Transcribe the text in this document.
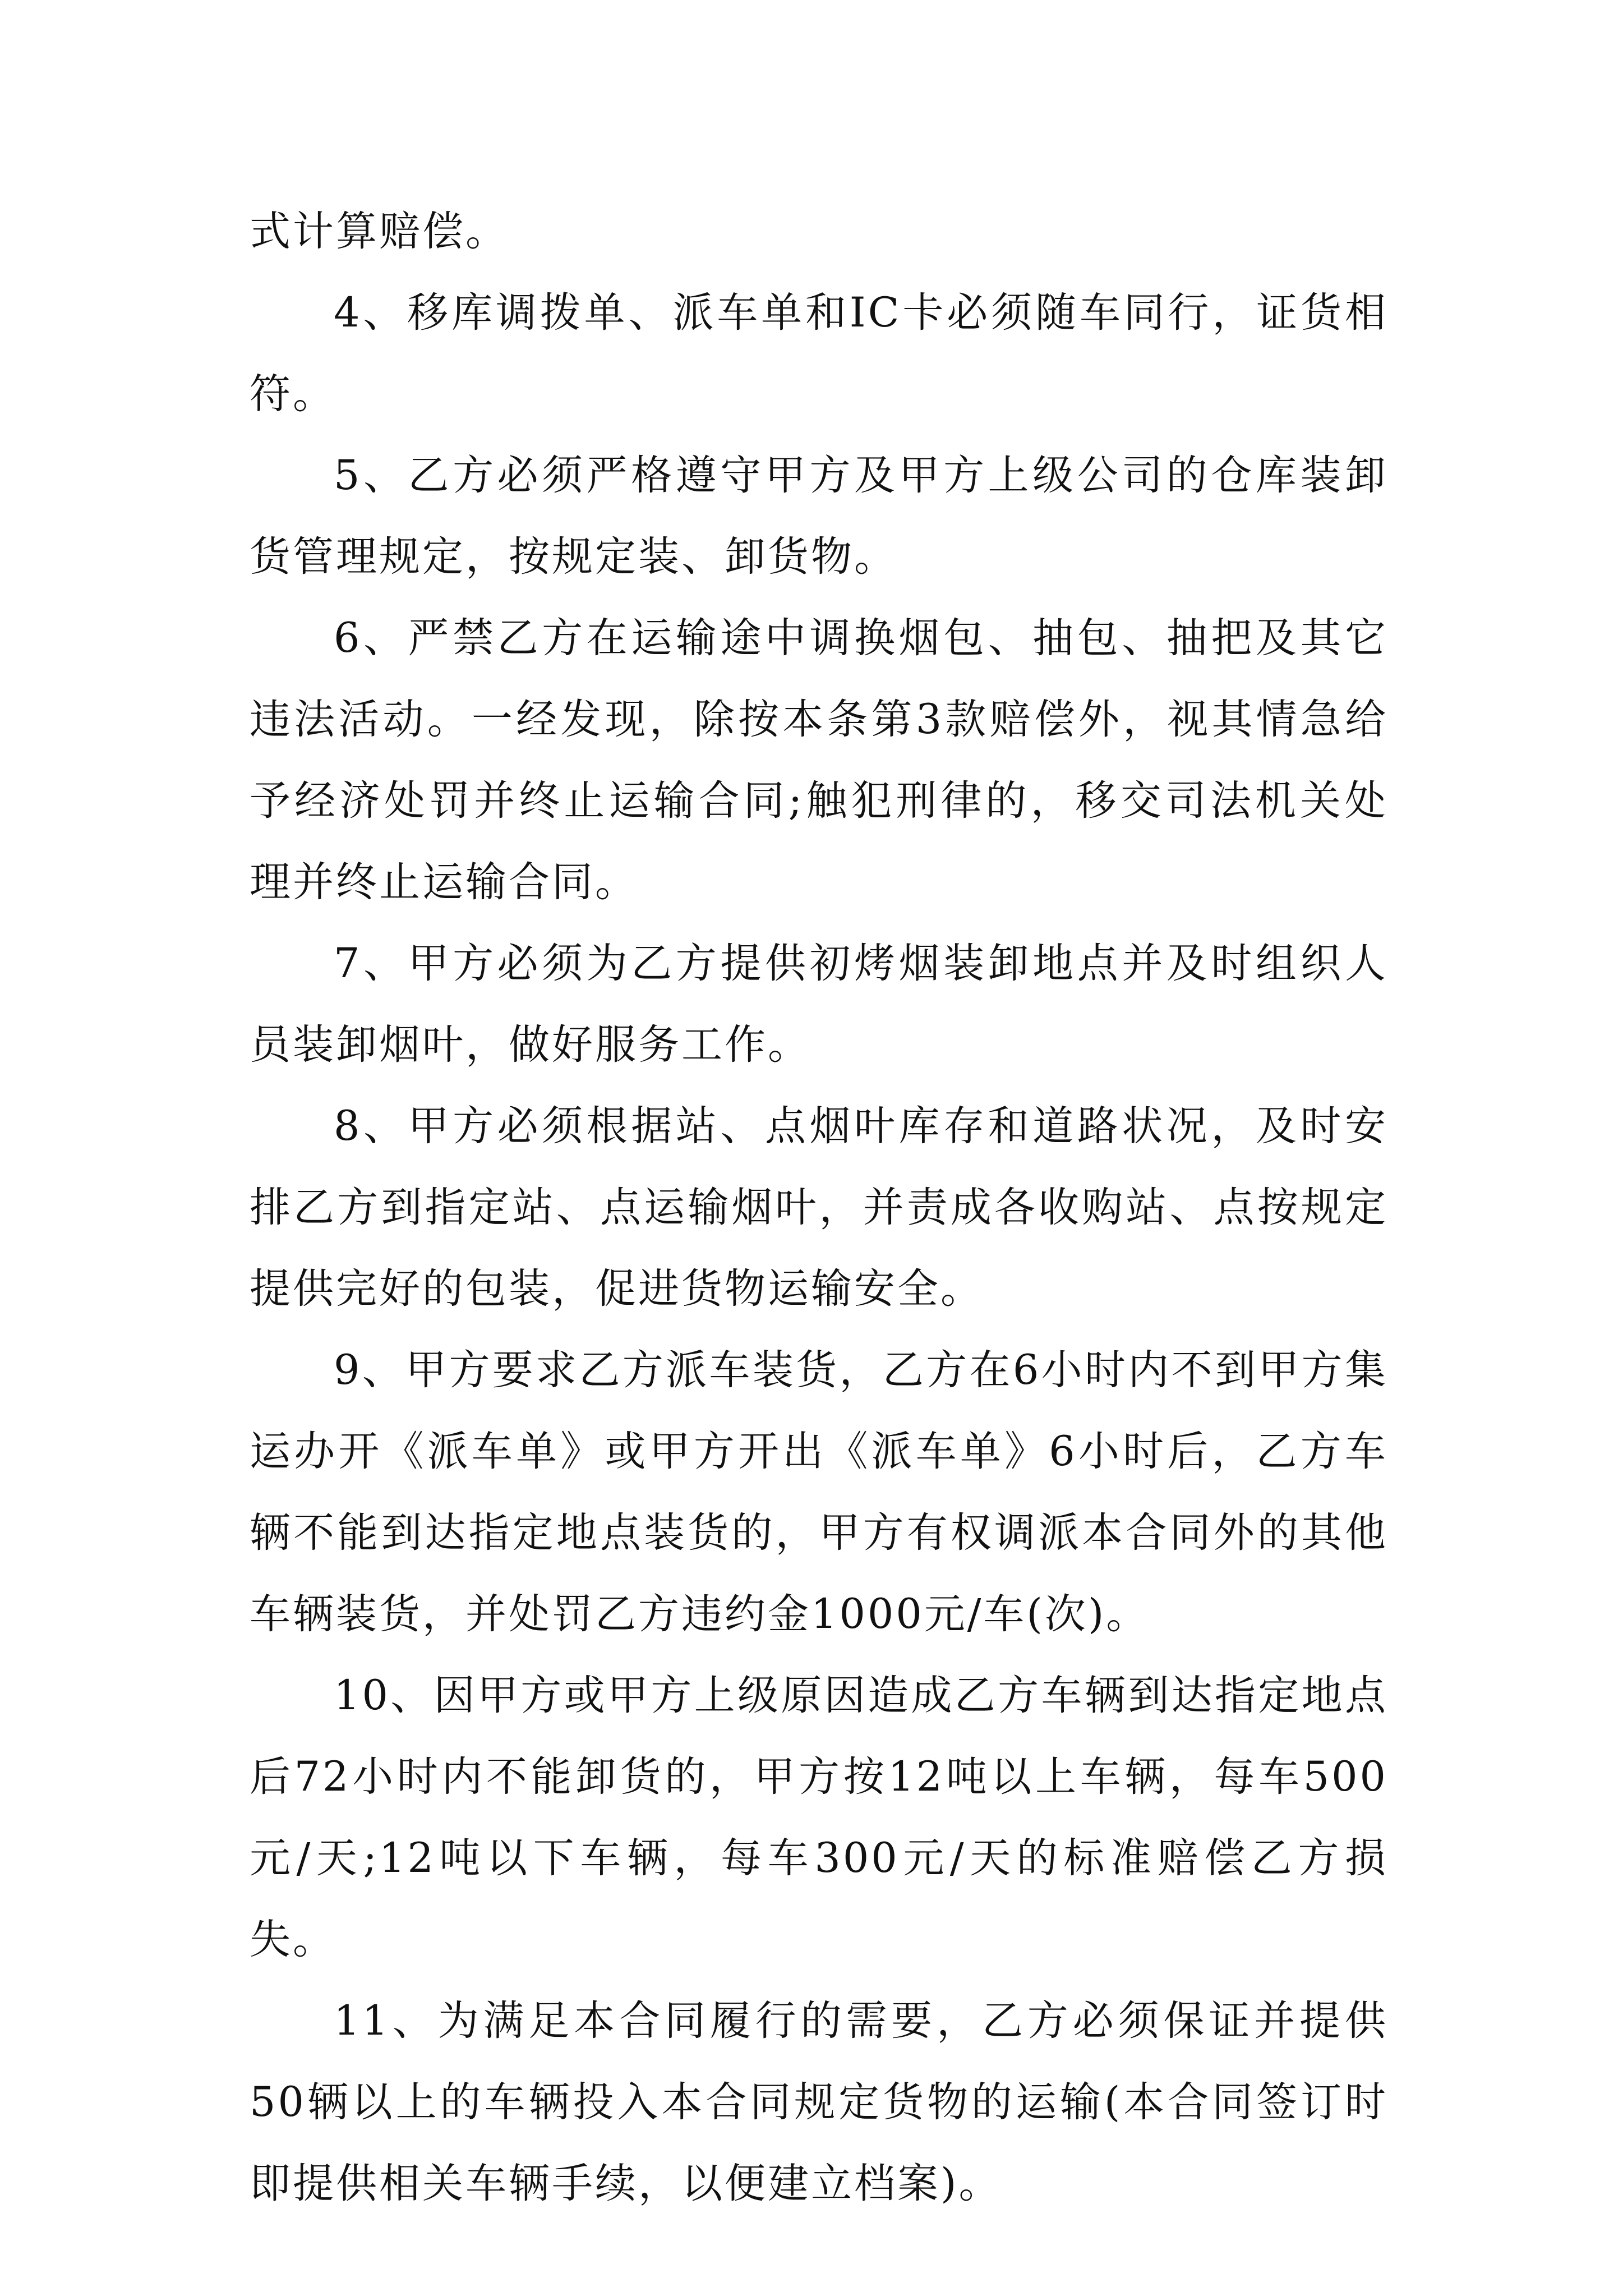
式计算赔偿。

4、移库调拨单、派车单和IC卡必须随车同行，证货相符。

5、乙方必须严格遵守甲方及甲方上级公司的仓库装卸货管理规定，按规定装、卸货物。

6、严禁乙方在运输途中调换烟包、抽包、抽把及其它违法活动。一经发现，除按本条第3款赔偿外，视其情急给予经济处罚并终止运输合同;触犯刑律的，移交司法机关处理并终止运输合同。

7、甲方必须为乙方提供初烤烟装卸地点并及时组织人员装卸烟叶，做好服务工作。

8、甲方必须根据站、点烟叶库存和道路状况，及时安排乙方到指定站、点运输烟叶，并责成各收购站、点按规定提供完好的包装，促进货物运输安全。

9、甲方要求乙方派车装货，乙方在6小时内不到甲方集运办开《派车单》或甲方开出《派车单》6小时后，乙方车辆不能到达指定地点装货的，甲方有权调派本合同外的其他车辆装货，并处罚乙方违约金1000元/车(次)。

10、因甲方或甲方上级原因造成乙方车辆到达指定地点后72小时内不能卸货的，甲方按12吨以上车辆，每车500元/天;12吨以下车辆，每车300元/天的标准赔偿乙方损失。

11、为满足本合同履行的需要，乙方必须保证并提供50辆以上的车辆投入本合同规定货物的运输(本合同签订时即提供相关车辆手续，以便建立档案)。
